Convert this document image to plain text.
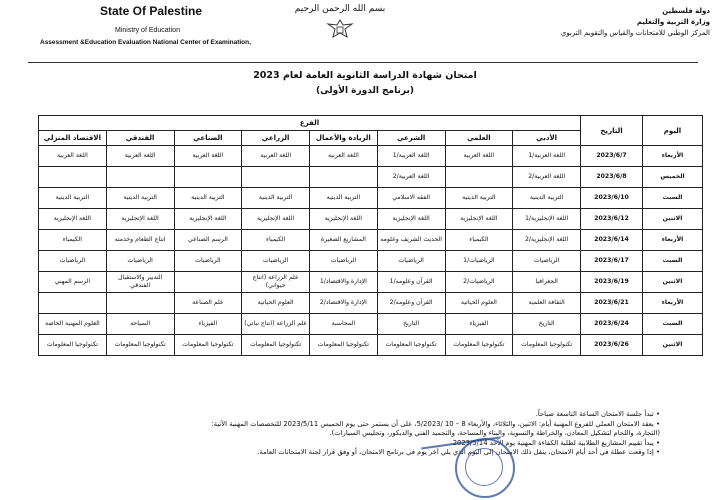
State Of Palestine
Ministry of Education
Assessment &Education Evaluation National Center of Examination,
بسم الله الرحمن الرحيم	دولة فلسطين
وزارة التربية والتعليم
المركز الوطني للامتحانات والقياس والتقويم التربوي
امتحان شهادة الدراسة الثانوية العامة لعام 2023
(برنامج الدورة الأولى)
اليوم	التاريخ	الفرع							
		الأدبي	العلمي	الشرعي	الريادة والأعمال	الزراعي	الصناعي	الفندقي	الاقتصاد المنزلي
الأربعاء	2023/6/7	اللغة العربية/1	اللغة العربية	اللغة العربية/1	اللغة العربية	اللغة العربية	اللغة العربية	اللغة العربية	اللغة العربية
الخميس	2023/6/8	اللغة العربية/2		اللغة العربية/2					
السبت	2023/6/10	التربية الدينية	التربية الدينية	الفقه الاسلامي	التربية الدينية	التربية الدينية	التربية الدينية	التربية الدينية	التربية الدينية
الاثنين	2023/6/12	اللغة الإنجليزية/1	اللغة الإنجليزية	اللغة الإنجليزية	اللغة الإنجليزية	اللغة الإنجليزية	اللغة الإنجليزية	اللغة الإنجليزية	اللغة الإنجليزية
الأربعاء	2023/6/14	اللغة الإنجليزية/2	الكيمياء	الحديث الشريف وعلومه	المشاريع الصغيرة	الكيمياء	الرسم الصناعي	انتاج الطعام وخدمته	الكيمياء
السبت	2023/6/17	الرياضيات	الرياضيات/1	الرياضيات	الرياضيات	الرياضيات	الرياضيات	الرياضيات	الرياضيات
الاثنين	2023/6/19	الجغرافيا	الرياضيات/2	القرآن وعلومه/1	الإدارة والاقتصاد/1	علم الزراعة (انتاج حيواني)		التدبير والاستقبال الفندقي	الرسم المهني
الأربعاء	2023/6/21	الثقافة العلمية	العلوم الحياتية	القرآن وعلومه/2	الإدارة والاقتصاد/2	العلوم الحياتية	علم الصناعة		
السبت	2023/6/24	التاريخ	الفيزياء	التاريخ	المحاسبة	علم الزراعة (انتاج نباتي)	الفيزياء	السياحة	العلوم المهنية الخاصة
الاثنين	2023/6/26	تكنولوجيا المعلومات	تكنولوجيا المعلومات	تكنولوجيا المعلومات	تكنولوجيا المعلومات	تكنولوجيا المعلومات	تكنولوجيا المعلومات	تكنولوجيا المعلومات	تكنولوجيا المعلومات
• تبدأ جلسة الامتحان الساعة التاسعة صباحاً.
• يعقد الامتحان العملي للفروع المهنية أيام: الاثنين، والثلاثاء، والأربعاء 8 – 10 /5/2023، على أن يستمر حتى يوم الخميس 2023/5/11 للتخصصات المهنية الآتية:
(التجارة، واللحام لتشكيل المعادن، والخراطة والتسوية، والبناء والمساحة، والتجميد الفني والديكور، وتجليس السيارات).
• يبدأ تقييم المشاريع الطلابية لطلبة الكفاءة المهنية يوم الأحد 2023/5/14.
• إذا وقعت عطلة في أحد أيام الامتحان، ينقل ذلك الامتحان إلى اليوم الذي يلي آخر يوم في برنامج الامتحان، أو وفق قرار لجنة الامتحانات العامة.
